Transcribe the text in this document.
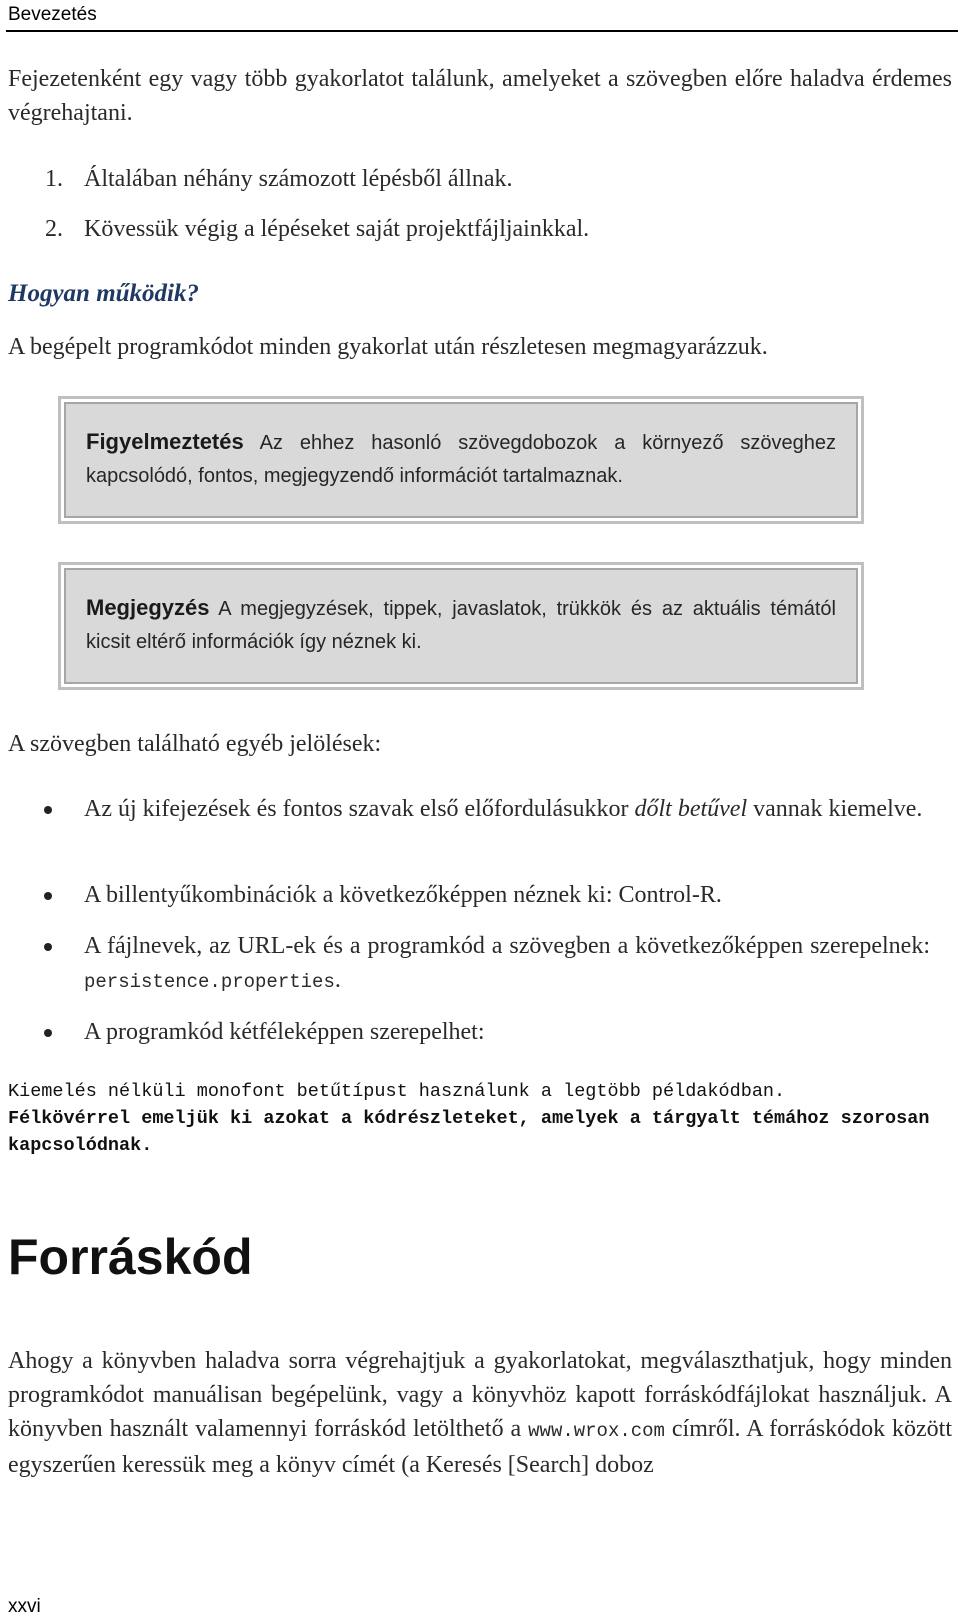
Bevezetés

Fejezetenként egy vagy több gyakorlatot találunk, amelyeket a szövegben előre haladva érdemes végrehajtani.

1. Általában néhány számozott lépésből állnak.
2. Kövessük végig a lépéseket saját projektfájljainkkal.
Hogyan működik?

A begépelt programkódot minden gyakorlat után részletesen megmagyarázzuk.

Figyelmeztetés Az ehhez hasonló szövegdobozok a környező szöveghez kapcsolódó, fontos, megjegyzendő információt tartalmaznak.
Megjegyzés A megjegyzések, tippek, javaslatok, trükkök és az aktuális témától kicsit eltérő információk így néznek ki.

A szövegben található egyéb jelölések:

Az új kifejezések és fontos szavak első előfordulásukkor dőlt betűvel vannak kiemelve.
A billentyűkombinációk a következőképpen néznek ki: Control-R.
A fájlnevek, az URL-ek és a programkód a szövegben a következőképpen szerepelnek: persistence.properties.
A programkód kétféleképpen szerepelhet:
Kiemelés nélküli monofont betűtípust használunk a legtöbb példakódban.
Félkövérrel emeljük ki azokat a kódrészleteket, amelyek a tárgyalt témához szorosan kapcsolódnak.
Forráskód

Ahogy a könyvben haladva sorra végrehajtjuk a gyakorlatokat, megválaszthatjuk, hogy minden programkódot manuálisan begépelünk, vagy a könyvhöz kapott forráskódfájlokat használjuk. A könyvben használt valamennyi forráskód letölthető a www.wrox.com címről. A forráskódok között egyszerűen keressük meg a könyv címét (a Keresés [Search] doboz

xxvi
